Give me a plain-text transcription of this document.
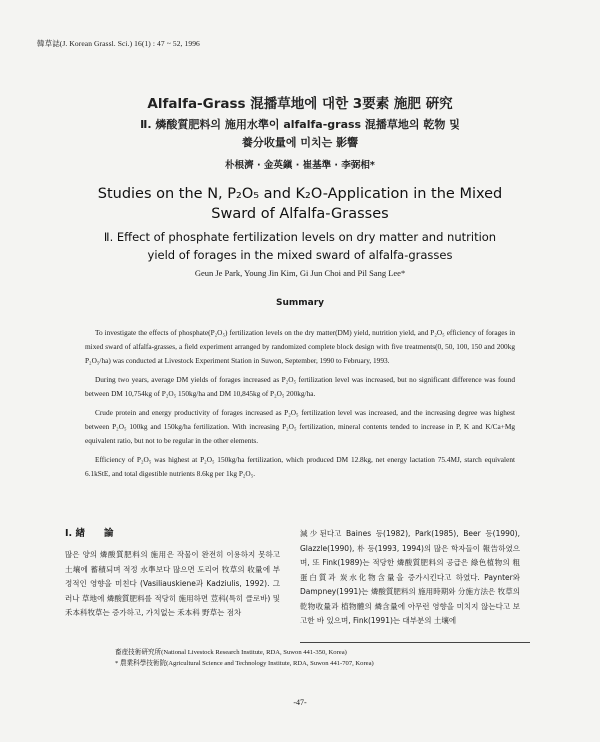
韓草誌(J. Korean Grassl. Sci.) 16(1) : 47 ~ 52, 1996
Alfalfa-Grass 混播草地에 대한 3要素 施肥 硏究
Ⅱ. 燐酸質肥料의 施用水準이 alfalfa-grass 混播草地의 乾物 및
養分收量에 미치는 影響
朴根濟 · 金英鎭 · 崔基準 · 李弼相*
Studies on the N, P₂O₅ and K₂O-Application in the Mixed
Sward of Alfalfa-Grasses
Ⅱ. Effect of phosphate fertilization levels on dry matter and nutrition
yield of forages in the mixed sward of alfalfa-grasses
Geun Je Park, Young Jin Kim, Gi Jun Choi and Pil Sang Lee*
Summary

To investigate the effects of phosphate(P₂O₅) fertilization levels on the dry matter(DM) yield, nutrition yield, and P₂O₅ efficiency of forages in mixed sward of alfalfa-grasses, a field experiment arranged by randomized complete block design with five treatments(0, 50, 100, 150 and 200kg P₂O₅/ha) was conducted at Livestock Experiment Station in Suwon, September, 1990 to February, 1993.

During two years, average DM yields of forages increased as P₂O₅ fertilization level was increased, but no significant difference was found between DM 10,754kg of P₂O₅ 150kg/ha and DM 10,845kg of P₂O₅ 200kg/ha.

Crude protein and energy productivity of forages increased as P₂O₅ fertilization level was increased, and the increasing degree was highest between P₂O₅ 100kg and 150kg/ha fertilization. With increasing P₂O₅ fertilization, mineral contents tended to increase in P, K and K/Ca+Mg equivalent ratio, but not to be regular in the other elements.

Efficiency of P₂O₅ was highest at P₂O₅ 150kg/ha fertilization, which produced DM 12.8kg, net energy lactation 75.4MJ, starch equivalent 6.1kStE, and total digestible nutrients 8.6kg per 1kg P₂O₅.

Ⅰ. 緖　　論

많은 양의 燐酸質肥料의 施用은 작물이 완전히 이용하지 못하고 土壤에 蓄積되며 적정 水準보다 많으면 도리어 牧草의 收量에 부정적인 영향을 미친다 (Vasiliauskiene과 Kadziulis, 1992). 그러나 草地에 燐酸質肥料를 적당히 施用하면 荳科(특히 클로바) 및 禾本科牧草는 증가하고, 가치없는 禾本科 野草는 점차

減少된다고 Baines 등(1982), Park(1985), Beer 등(1990), Glazzle(1990), 朴 등(1993, 1994)의 많은 학자들이 報告하였으며, 또 Fink(1989)는 적당한 燐酸質肥料의 공급은 綠色植物의 粗蛋白質과 炭水化物含量을 증가시킨다고 하였다. Paynter와 Dampney(1991)는 燐酸質肥料의 施用時期와 分施方法은 牧草의 乾物收量과 植物體의 燐含量에 아무런 영향을 미치지 않는다고 보고한 바 있으며, Fink(1991)는 대부분의 土壤에

畜産技術硏究所(National Livestock Research Institute, RDA, Suwon 441-350, Korea)
* 農業科學技術院(Agricultural Science and Technology Institute, RDA, Suwon 441-707, Korea)
-47-
